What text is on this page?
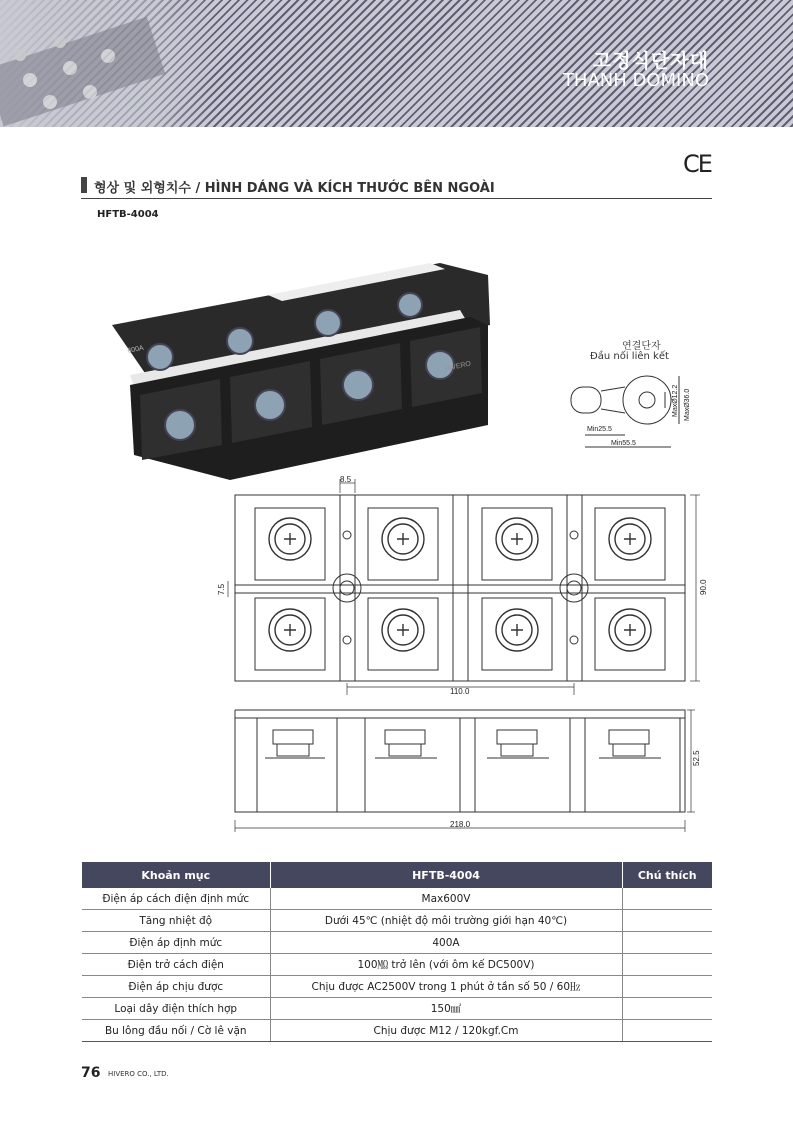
고정식단자대
THANH DOMINO
CE
형상 및 외형치수 / HÌNH DÁNG VÀ KÍCH THƯỚC BÊN NGOÀI
HFTB-4004
600A
HIVERO
연결단자
Đầu nối liên kết
Min25.5
Min55.5
MaxØ12.2 MaxØ36.0
8.5
7.5	90.0
110.0
52.5
218.0
Khoản mục	HFTB-4004	Chú thích
Điện áp cách điện định mức	Max600V	
Tăng nhiệt độ	Dưới 45℃ (nhiệt độ môi trường giới hạn 40℃)	
Điện áp định mức	400A	
Điện trở cách điện	100㏁ trở lên (với ôm kế DC500V)	
Điện áp chịu được	Chịu được AC2500V trong 1 phút ở tần số 50 / 60㎐	
Loại dây điện thích hợp	150㎟	
Bu lông đầu nối / Cờ lê vặn	Chịu được M12 / 120kgf.Cm	
76 HIVERO CO., LTD.
